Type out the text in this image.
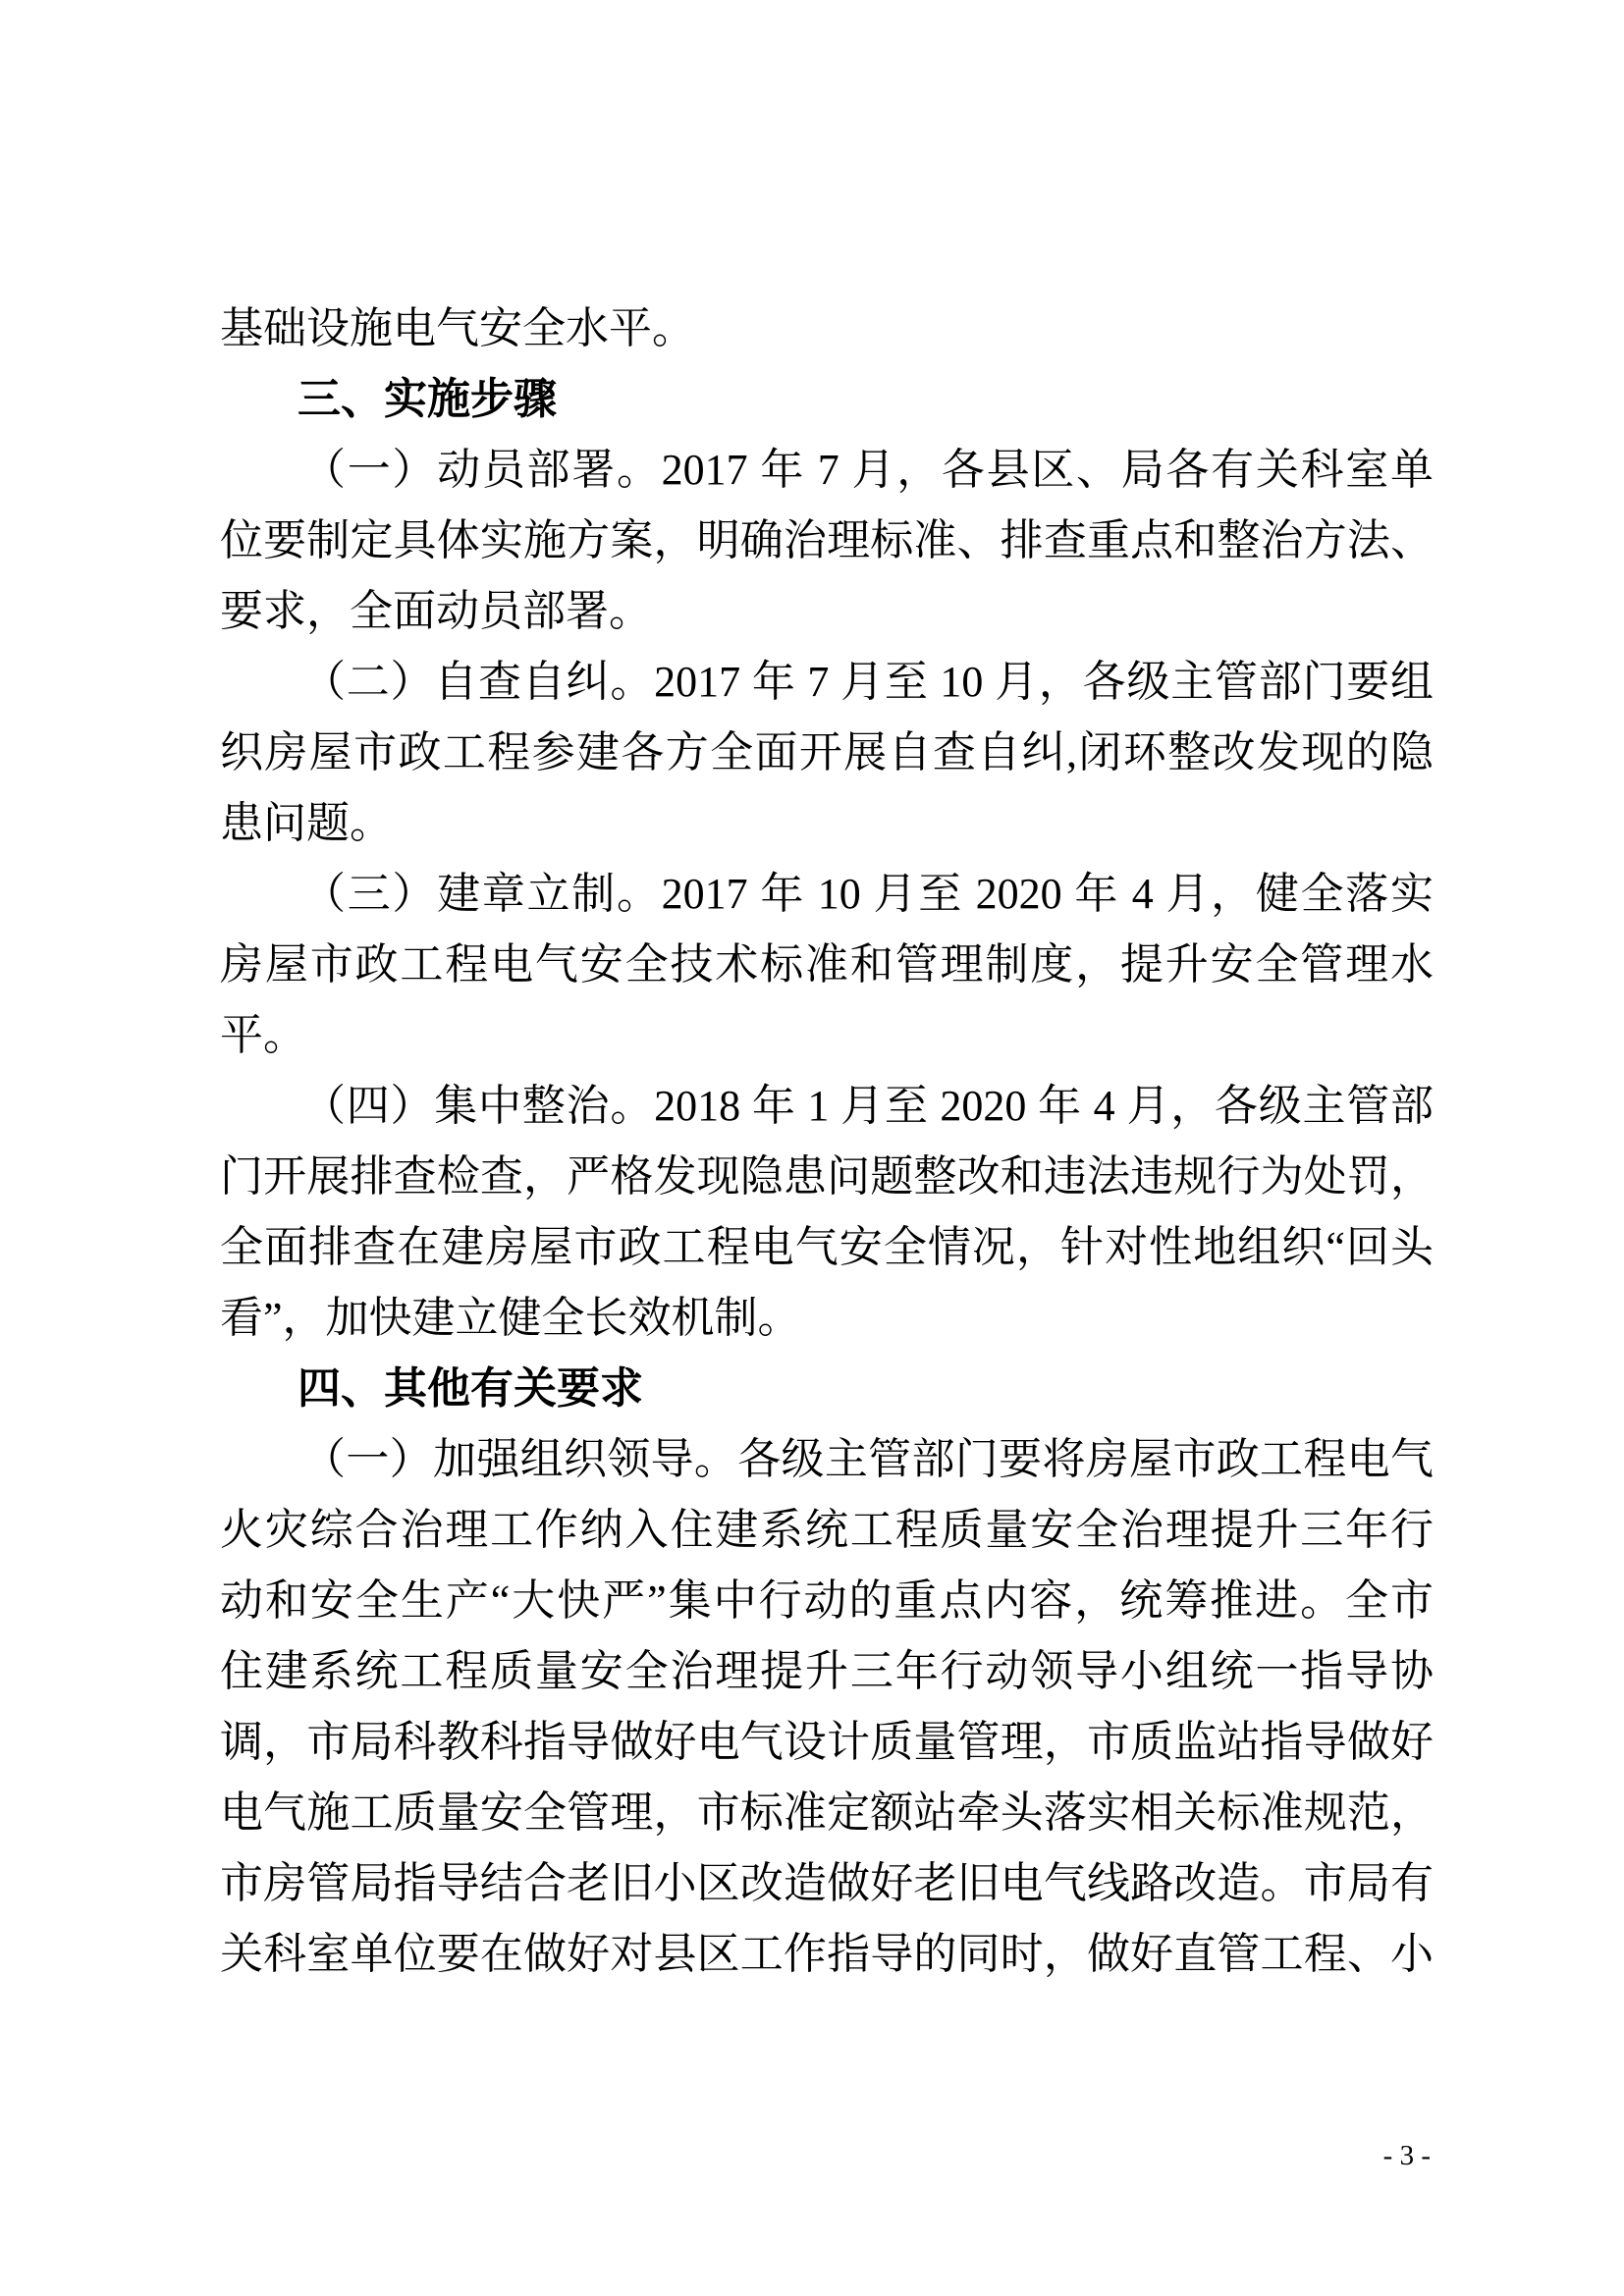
基础设施电气安全水平。
三、实施步骤
（一）动员部署。2017 年 7 月，各县区、局各有关科室单
位要制定具体实施方案，明确治理标准、排查重点和整治方法、
要求，全面动员部署。
（二）自查自纠。2017 年 7 月至 10 月，各级主管部门要组
织房屋市政工程参建各方全面开展自查自纠,闭环整改发现的隐
患问题。
（三）建章立制。2017 年 10 月至 2020 年 4 月，健全落实
房屋市政工程电气安全技术标准和管理制度，提升安全管理水
平。
（四）集中整治。2018 年 1 月至 2020 年 4 月，各级主管部
门开展排查检查，严格发现隐患问题整改和违法违规行为处罚，
全面排查在建房屋市政工程电气安全情况，针对性地组织“回头
看”，加快建立健全长效机制。
四、其他有关要求
（一）加强组织领导。各级主管部门要将房屋市政工程电气
火灾综合治理工作纳入住建系统工程质量安全治理提升三年行
动和安全生产“大快严”集中行动的重点内容，统筹推进。全市
住建系统工程质量安全治理提升三年行动领导小组统一指导协
调，市局科教科指导做好电气设计质量管理，市质监站指导做好
电气施工质量安全管理，市标准定额站牵头落实相关标准规范，
市房管局指导结合老旧小区改造做好老旧电气线路改造。市局有
关科室单位要在做好对县区工作指导的同时，做好直管工程、小
- 3 -
